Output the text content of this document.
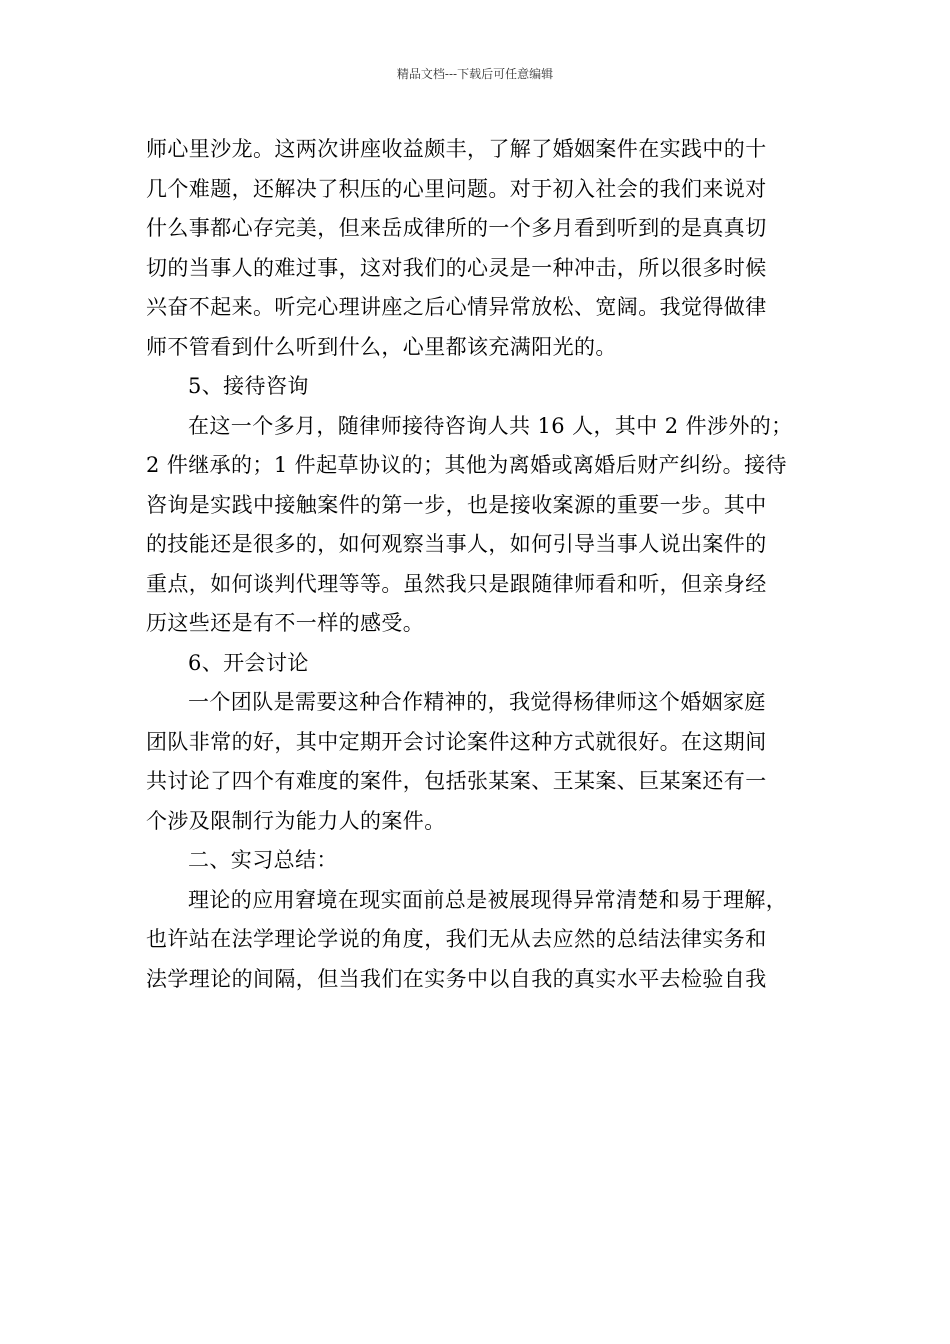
精品文档---下载后可任意编辑
师心里沙龙。这两次讲座收益颇丰，了解了婚姻案件在实践中的十
几个难题，还解决了积压的心里问题。对于初入社会的我们来说对
什么事都心存完美，但来岳成律所的一个多月看到听到的是真真切
切的当事人的难过事，这对我们的心灵是一种冲击，所以很多时候
兴奋不起来。听完心理讲座之后心情异常放松、宽阔。我觉得做律
师不管看到什么听到什么，心里都该充满阳光的。
5、接待咨询
在这一个多月，随律师接待咨询人共 16 人，其中 2 件涉外的；
2 件继承的；1 件起草协议的；其他为离婚或离婚后财产纠纷。接待
咨询是实践中接触案件的第一步，也是接收案源的重要一步。其中
的技能还是很多的，如何观察当事人，如何引导当事人说出案件的
重点，如何谈判代理等等。虽然我只是跟随律师看和听，但亲身经
历这些还是有不一样的感受。
6、开会讨论
一个团队是需要这种合作精神的，我觉得杨律师这个婚姻家庭
团队非常的好，其中定期开会讨论案件这种方式就很好。在这期间
共讨论了四个有难度的案件，包括张某案、王某案、巨某案还有一
个涉及限制行为能力人的案件。
二、实习总结：
理论的应用窘境在现实面前总是被展现得异常清楚和易于理解，
也许站在法学理论学说的角度，我们无从去应然的总结法律实务和
法学理论的间隔，但当我们在实务中以自我的真实水平去检验自我
